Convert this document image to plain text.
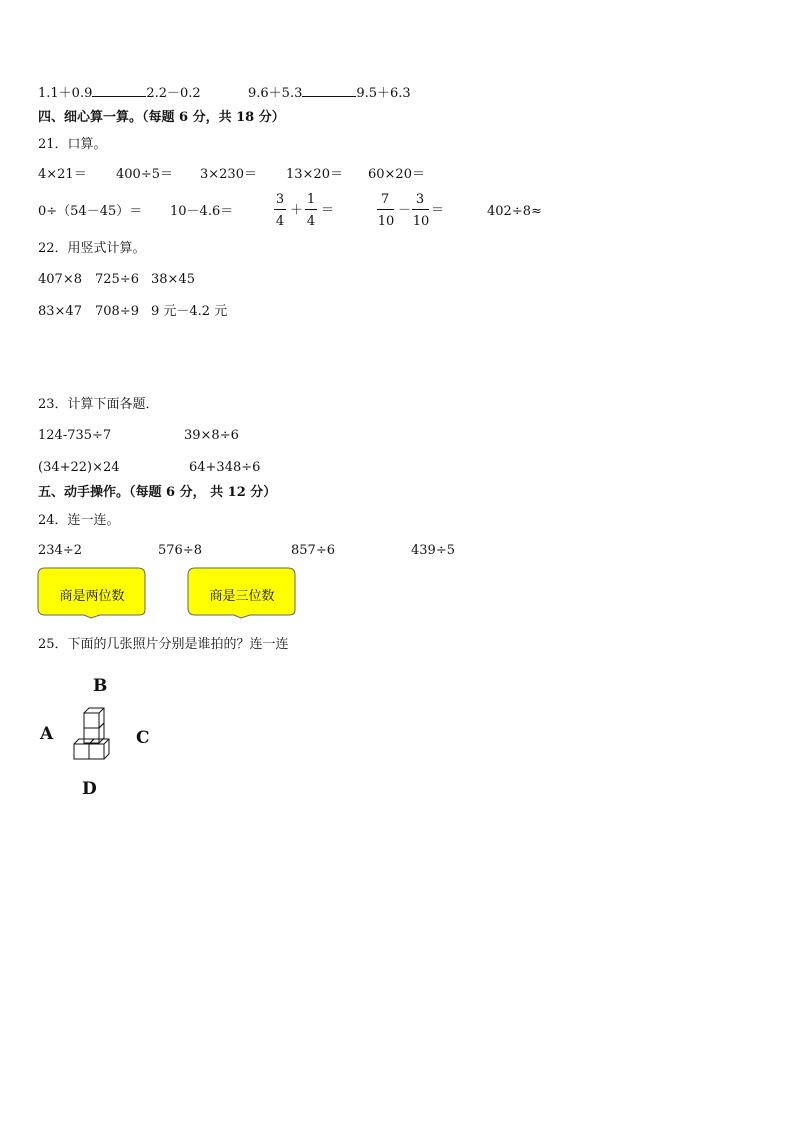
1.1＋0.9	2.2－0.2	9.6＋5.3	9.5＋6.3
四、细心算一算。（每题 6 分，共 18 分）
21．口算。
4×21＝ 400÷5＝ 3×230＝ 13×20＝ 60×20＝
0÷（54－45）＝ 10－4.6＝
3
4
＋
1
4
＝
7
10
－
3
10
＝	402÷8≈
22．用竖式计算。
407×8 725÷6 38×45
83×47 708÷9 9 元－4.2 元
23．计算下面各题．
124-735÷7	39×8÷6
(34+22)×24	64+348÷6
五、动手操作。（每题 6 分， 共 12 分）
24．连一连。
234÷2	576÷8	857÷6	439÷5
商是两位数	商是三位数
25．下面的几张照片分别是谁拍的？连一连
B
A	C
D
